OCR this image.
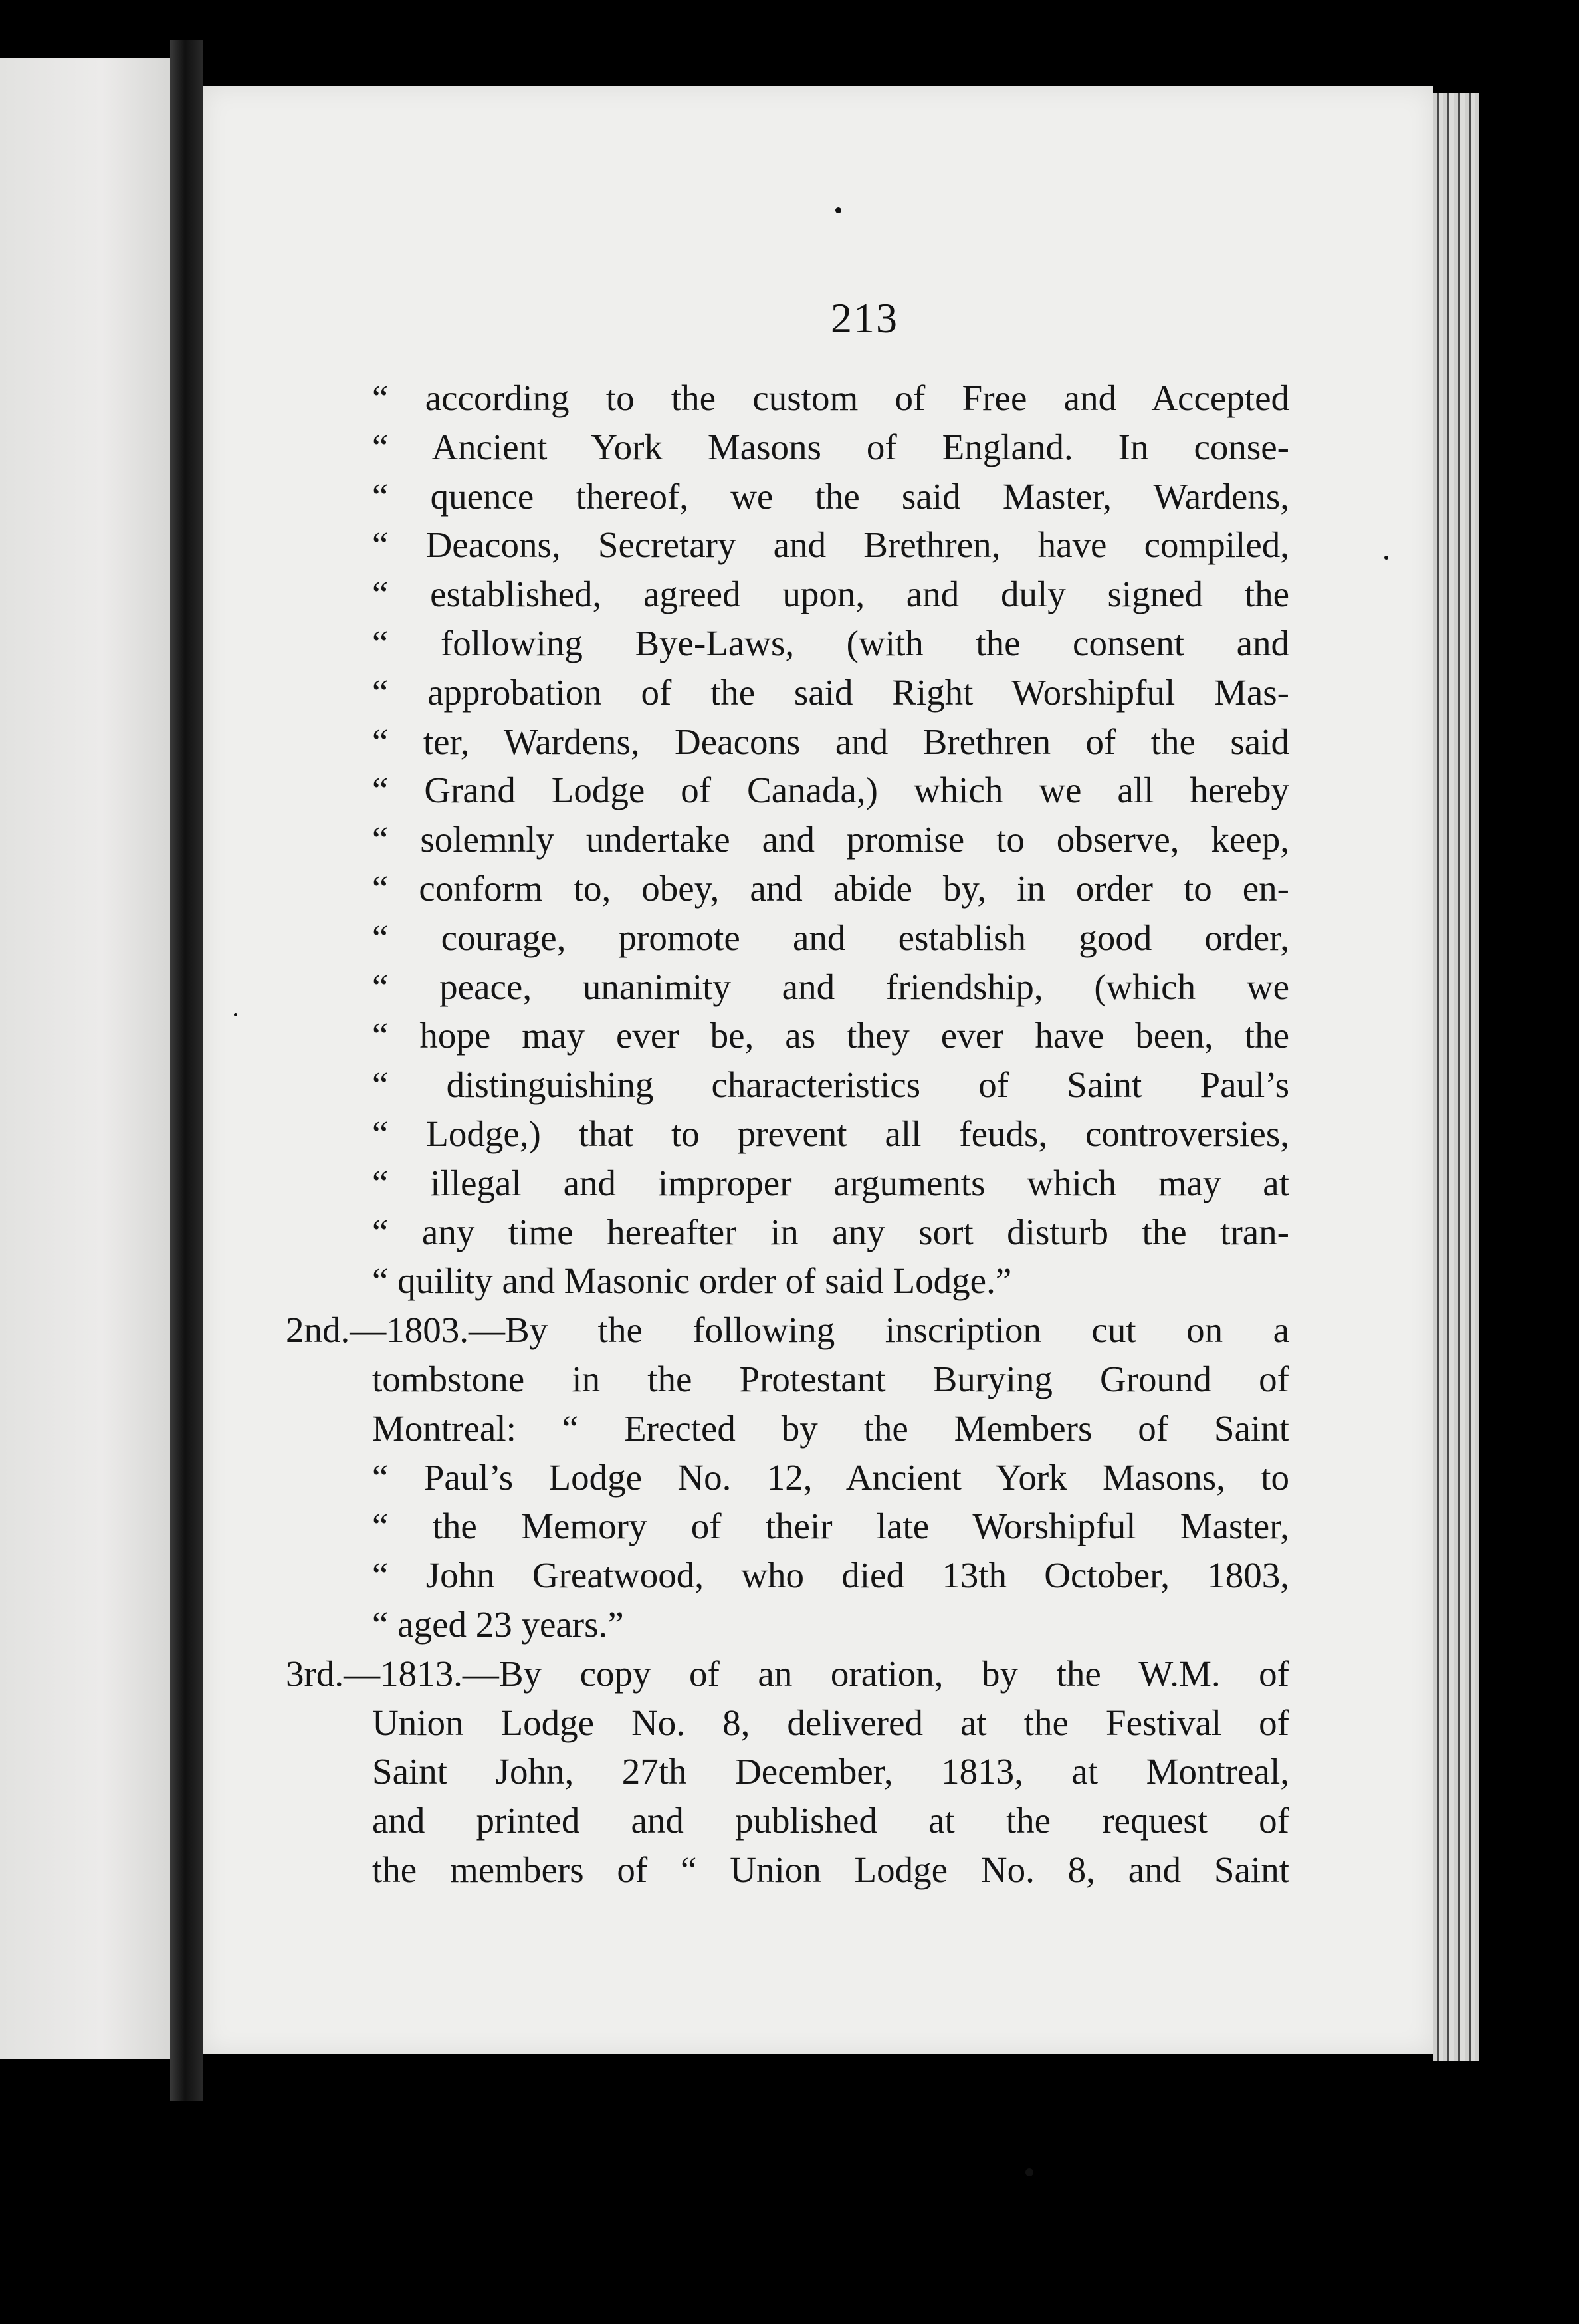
213
“ according to the custom of Free and Accepted
“ Ancient York Masons of England. In conse-
“ quence thereof, we the said Master, Wardens,
“ Deacons, Secretary and Brethren, have compiled,
“ established, agreed upon, and duly signed the
“ following Bye-Laws, (with the consent and
“ approbation of the said Right Worshipful Mas-
“ ter, Wardens, Deacons and Brethren of the said
“ Grand Lodge of Canada,) which we all hereby
“ solemnly undertake and promise to observe, keep,
“ conform to, obey, and abide by, in order to en-
“ courage, promote and establish good order,
“ peace, unanimity and friendship, (which we
“ hope may ever be, as they ever have been, the
“ distinguishing characteristics of Saint Paul’s
“ Lodge,) that to prevent all feuds, controversies,
“ illegal and improper arguments which may at
“ any time hereafter in any sort disturb the tran-
“ quility and Masonic order of said Lodge.”
2nd.—1803.—By the following inscription cut on a
tombstone in the Protestant Burying Ground of
Montreal: “ Erected by the Members of Saint
“ Paul’s Lodge No. 12, Ancient York Masons, to
“ the Memory of their late Worshipful Master,
“ John Greatwood, who died 13th October, 1803,
“ aged 23 years.”
3rd.—1813.—By copy of an oration, by the W.M. of
Union Lodge No. 8, delivered at the Festival of
Saint John, 27th December, 1813, at Montreal,
and printed and published at the request of
the members of “ Union Lodge No. 8, and Saint
